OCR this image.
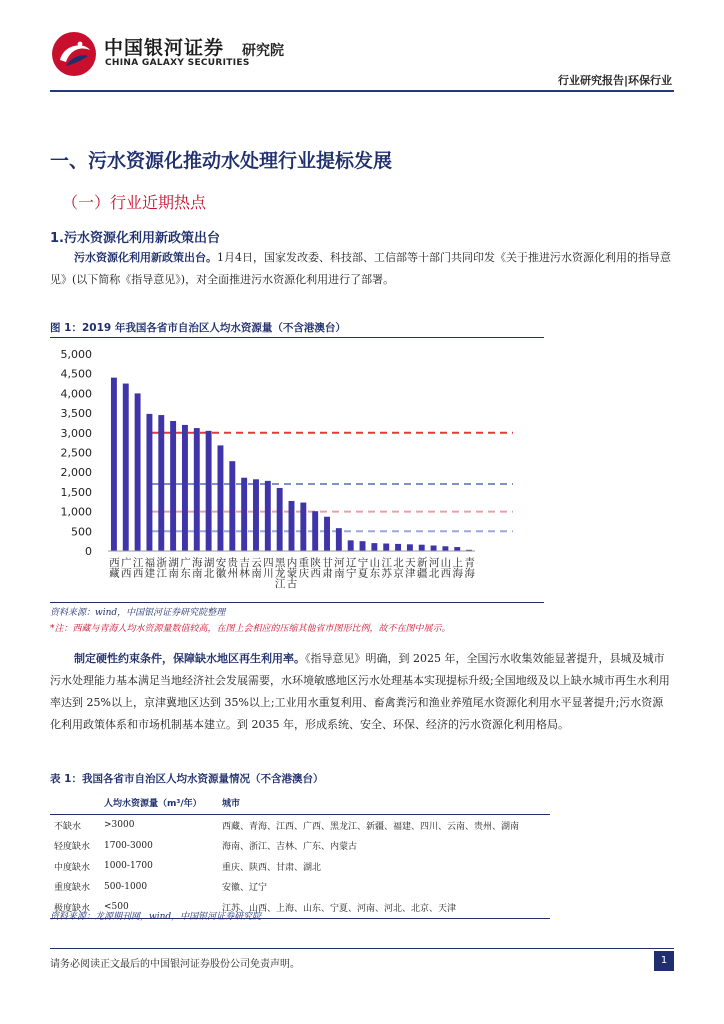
中国银河证券 研究院
CHINA GALAXY SECURITIES
行业研究报告|环保行业
一、污水资源化推动水处理行业提标发展
（一）行业近期热点
1.污水资源化利用新政策出台
污水资源化利用新政策出台。1月4日，国家发改委、科技部、工信部等十部门共同印发《关于推进污水资源化利用的指导意见》(以下简称《指导意见》)，对全面推进污水资源化利用进行了部署。
图 1：2019 年我国各省市自治区人均水资源量（不含港澳台）
0
500
1,000
1,500
2,000
2,500
3,000
3,500
4,000
4,500
5,000
西藏 广西 江西 福建 浙江 湖南 广东 海南 湖北 安徽 贵州 吉林 云南 四川 黑龙江 内蒙古 重庆 陕西 甘肃 河南 辽宁 宁夏 山东 江苏 北京 天津 新疆 河北 山西 上海 青海
资料来源：wind，中国银河证券研究院整理
*注：西藏与青海人均水资源量数值较高，在图上会相应的压缩其他省市图形比例，故不在图中展示。
制定硬性约束条件，保障缺水地区再生利用率。《指导意见》明确，到 2025 年，全国污水收集效能显著提升，县城及城市污水处理能力基本满足当地经济社会发展需要，水环境敏感地区污水处理基本实现提标升级;全国地级及以上缺水城市再生水利用率达到 25%以上，京津冀地区达到 35%以上;工业用水重复利用、畜禽粪污和渔业养殖尾水资源化利用水平显著提升;污水资源化利用政策体系和市场机制基本建立。到 2035 年，形成系统、安全、环保、经济的污水资源化利用格局。
表 1：我国各省市自治区人均水资源量情况（不含港澳台）
	人均水资源量（m³/年）	城市
不缺水	>3000	西藏、青海、江西、广西、黑龙江、新疆、福建、四川、云南、贵州、湖南
轻度缺水	1700-3000	海南、浙江、吉林、广东、内蒙古
中度缺水	1000-1700	重庆、陕西、甘肃、湖北
重度缺水	500-1000	安徽、辽宁
极度缺水	<500	江苏、山西、上海、山东、宁夏、河南、河北、北京、天津
资料来源：龙源期刊网，wind，中国银河证券研究院
请务必阅读正文最后的中国银河证券股份公司免责声明。	1
